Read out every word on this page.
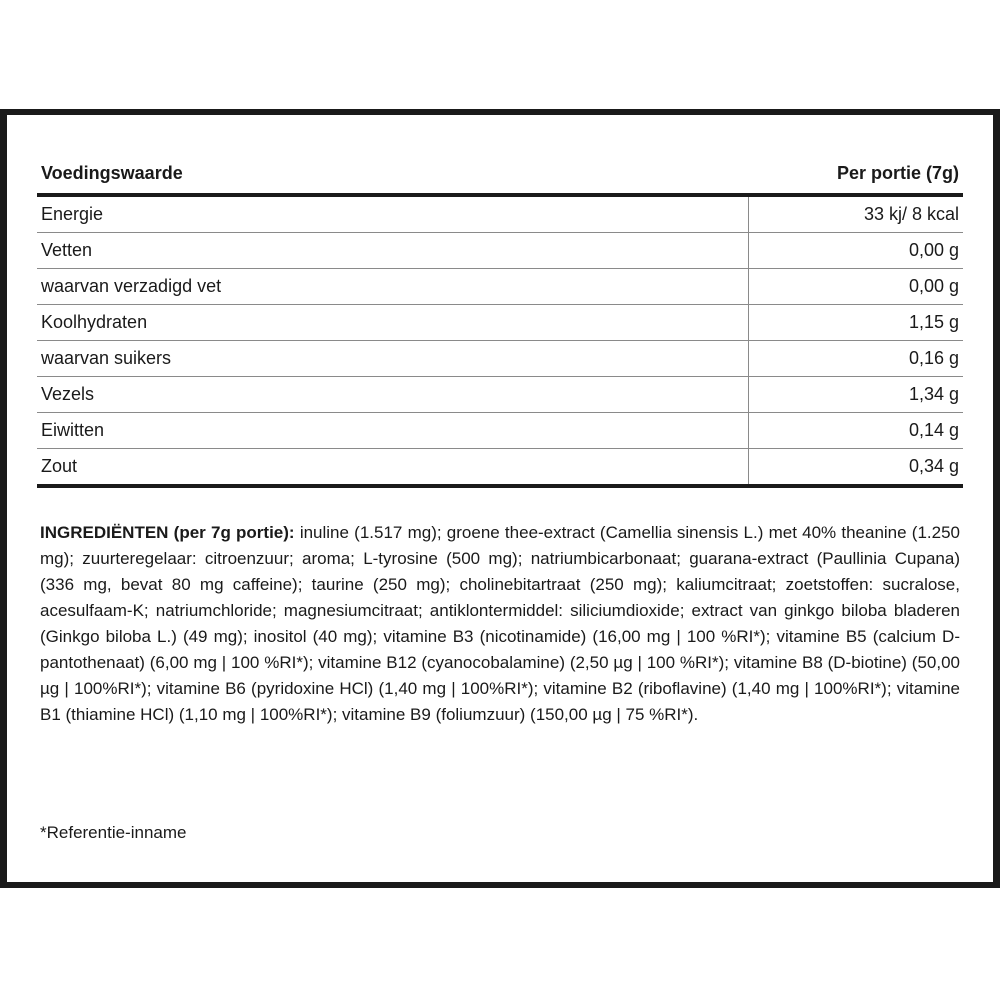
Voedingswaarde	Per portie (7g)
Energie	33 kj/ 8 kcal
Vetten	0,00 g
waarvan verzadigd vet	0,00 g
Koolhydraten	1,15 g
waarvan suikers	0,16 g
Vezels	1,34 g
Eiwitten	0,14 g
Zout	0,34 g

INGREDIËNTEN (per 7g portie): inuline (1.517 mg); groene thee-extract (Camellia sinensis L.) met 40% theanine (1.250 mg); zuurteregelaar: citroenzuur; aroma; L-tyrosine (500 mg); natriumbicarbonaat; guarana-extract (Paullinia Cupana) (336 mg, bevat 80 mg caffeine); taurine (250 mg); cholinebitartraat (250 mg); kaliumcitraat; zoetstoffen: sucralose, acesulfaam-K; natriumchloride; magnesiumcitraat; antiklontermiddel: siliciumdioxide; extract van ginkgo biloba bladeren (Ginkgo biloba L.) (49 mg); inositol (40 mg); vitamine B3 (nicotinamide) (16,00 mg | 100 %RI*); vitamine B5 (calcium D- pantothenaat) (6,00 mg | 100 %RI*); vitamine B12 (cyanocobalamine) (2,50 µg | 100 %RI*); vitamine B8 (D-biotine) (50,00 µg | 100%RI*); vitamine B6 (pyridoxine HCl) (1,40 mg | 100%RI*); vitamine B2 (riboflavine) (1,40 mg | 100%RI*); vitamine B1 (thiamine HCl) (1,10 mg | 100%RI*); vitamine B9 (foliumzuur) (150,00 µg | 75 %RI*).

*Referentie-inname
